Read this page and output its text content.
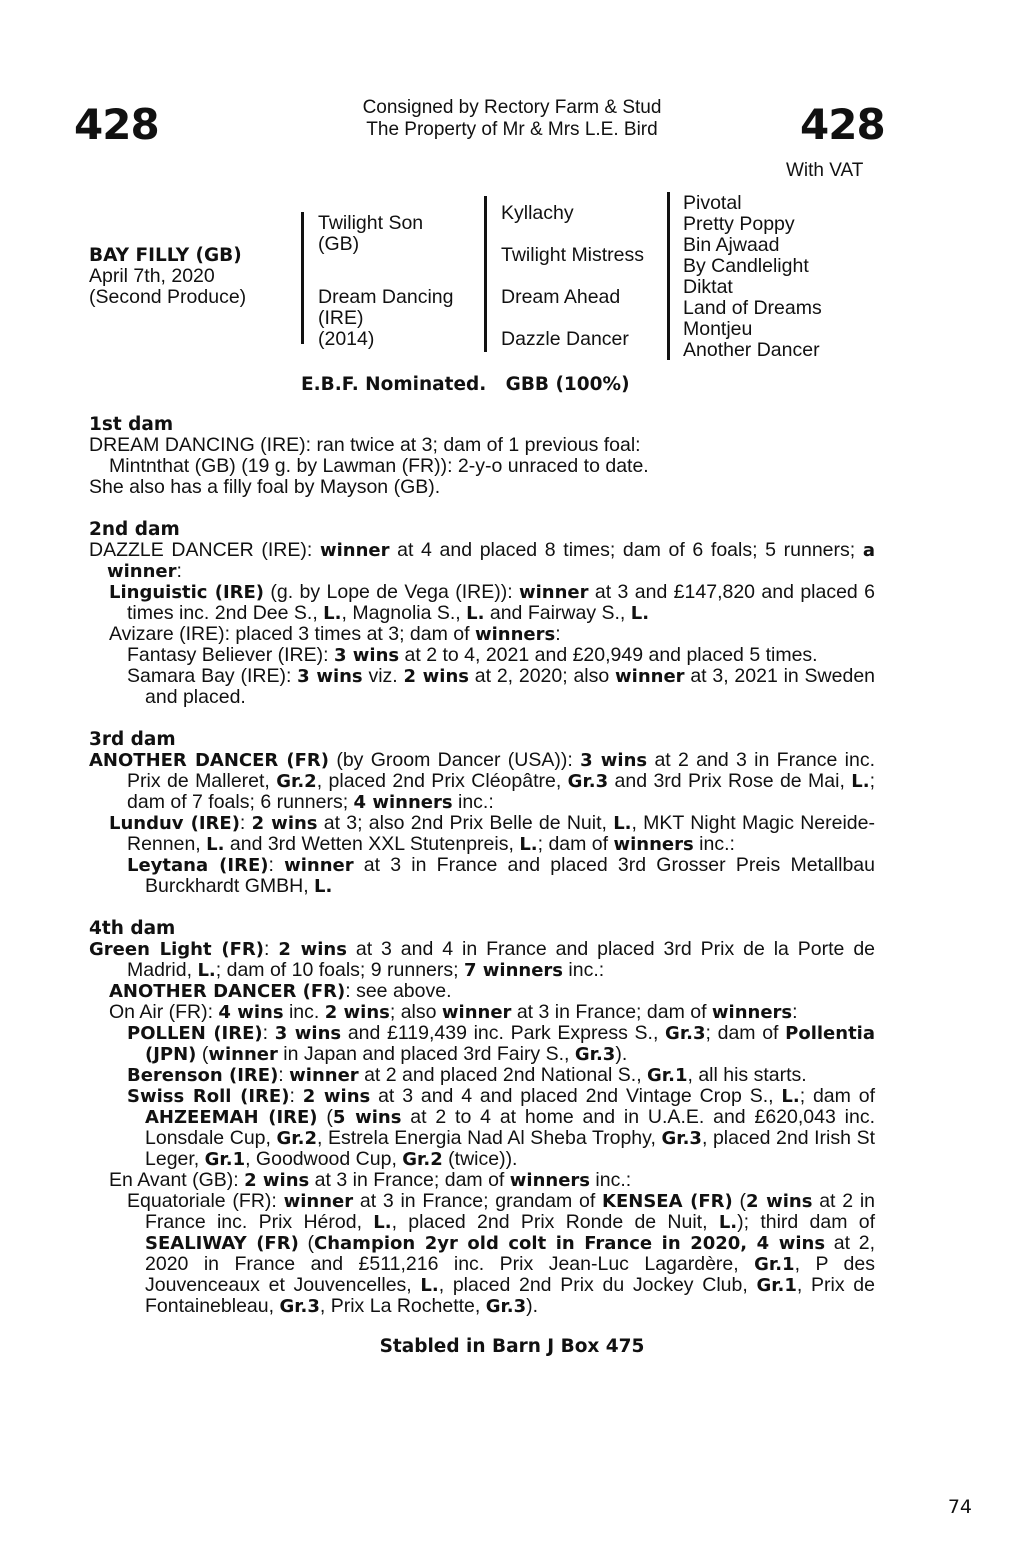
428	Consigned by Rectory Farm & Stud
The Property of Mr & Mrs L.E. Bird	428
With VAT
BAY FILLY (GB)
April 7th, 2020
(Second Produce)
Twilight Son
(GB)
Dream Dancing
(IRE)
(2014)
Kyllachy
Twilight Mistress
Dream Ahead
Dazzle Dancer
Pivotal
Pretty Poppy
Bin Ajwaad
By Candlelight
Diktat
Land of Dreams
Montjeu
Another Dancer
E.B.F. Nominated.   GBB (100%)

1st dam

DREAM DANCING (IRE): ran twice at 3; dam of 1 previous foal:

Mintnthat (GB) (19 g. by Lawman (FR)): 2-y-o unraced to date.

She also has a filly foal by Mayson (GB).

2nd dam

DAZZLE DANCER (IRE): winner at 4 and placed 8 times; dam of 6 foals; 5 runners; a winner:

Linguistic (IRE) (g. by Lope de Vega (IRE)): winner at 3 and £147,820 and placed 6 times inc. 2nd Dee S., L., Magnolia S., L. and Fairway S., L.

Avizare (IRE): placed 3 times at 3; dam of winners:

Fantasy Believer (IRE): 3 wins at 2 to 4, 2021 and £20,949 and placed 5 times.

Samara Bay (IRE): 3 wins viz. 2 wins at 2, 2020; also winner at 3, 2021 in Sweden and placed.

3rd dam

ANOTHER DANCER (FR) (by Groom Dancer (USA)): 3 wins at 2 and 3 in France inc. Prix de Malleret, Gr.2, placed 2nd Prix Cléopâtre, Gr.3 and 3rd Prix Rose de Mai, L.; dam of 7 foals; 6 runners; 4 winners inc.:

Lunduv (IRE): 2 wins at 3; also 2nd Prix Belle de Nuit, L., MKT Night Magic Nereide-Rennen, L. and 3rd Wetten XXL Stutenpreis, L.; dam of winners inc.:

Leytana (IRE): winner at 3 in France and placed 3rd Grosser Preis Metallbau Burckhardt GMBH, L.

4th dam

Green Light (FR): 2 wins at 3 and 4 in France and placed 3rd Prix de la Porte de Madrid, L.; dam of 10 foals; 9 runners; 7 winners inc.:

ANOTHER DANCER (FR): see above.

On Air (FR): 4 wins inc. 2 wins; also winner at 3 in France; dam of winners:

POLLEN (IRE): 3 wins and £119,439 inc. Park Express S., Gr.3; dam of Pollentia (JPN) (winner in Japan and placed 3rd Fairy S., Gr.3).

Berenson (IRE): winner at 2 and placed 2nd National S., Gr.1, all his starts.

Swiss Roll (IRE): 2 wins at 3 and 4 and placed 2nd Vintage Crop S., L.; dam of AHZEEMAH (IRE) (5 wins at 2 to 4 at home and in U.A.E. and £620,043 inc. Lonsdale Cup, Gr.2, Estrela Energia Nad Al Sheba Trophy, Gr.3, placed 2nd Irish St Leger, Gr.1, Goodwood Cup, Gr.2 (twice)).

En Avant (GB): 2 wins at 3 in France; dam of winners inc.:

Equatoriale (FR): winner at 3 in France; grandam of KENSEA (FR) (2 wins at 2 in France inc. Prix Hérod, L., placed 2nd Prix Ronde de Nuit, L.); third dam of SEALIWAY (FR) (Champion 2yr old colt in France in 2020, 4 wins at 2, 2020 in France and £511,216 inc. Prix Jean-Luc Lagardère, Gr.1, P des Jouvenceaux et Jouvencelles, L., placed 2nd Prix du Jockey Club, Gr.1, Prix de Fontainebleau, Gr.3, Prix La Rochette, Gr.3).

Stabled in Barn J Box 475
74
